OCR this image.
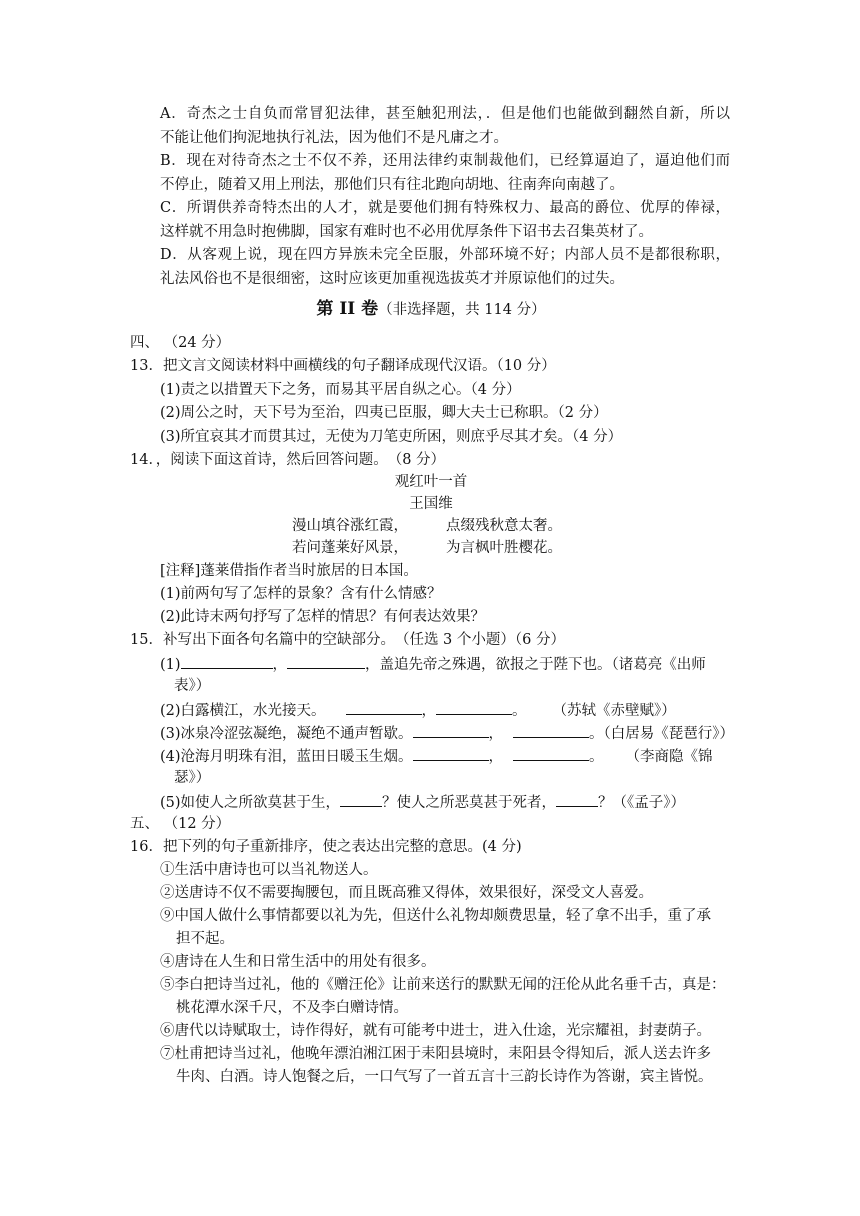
A．奇杰之士自负而常冒犯法律，甚至触犯刑法，．但是他们也能做到翻然自新，所以
不能让他们拘泥地执行礼法，因为他们不是凡庸之才。
B．现在对待奇杰之士不仅不养，还用法律约束制裁他们，已经算逼迫了，逼迫他们而
不停止，随着又用上刑法，那他们只有往北跑向胡地、往南奔向南越了。
C．所谓供养奇特杰出的人才，就是要他们拥有特殊权力、最高的爵位、优厚的俸禄，
这样就不用急时抱佛脚，国家有难时也不必用优厚条件下诏书去召集英材了。
D．从客观上说，现在四方异族未完全臣服，外部环境不好；内部人员不是都很称职，
礼法风俗也不是很细密，这时应该更加重视选拔英才并原谅他们的过失。
第 II 卷（非选择题，共 114 分）
四、 （24 分）
13．把文言文阅读材料中画横线的句子翻译成现代汉语。（10 分）
(1)责之以措置天下之务，而易其平居自纵之心。（4 分）
(2)周公之时，天下号为至治，四夷已臣服，卿大夫士已称职。（2 分）
(3)所宜哀其才而贯其过，无使为刀笔吏所困，则庶乎尽其才矣。（4 分）
14．，阅读下面这首诗，然后回答问题。　（8 分）
观红叶一首
王国维
漫山填谷涨红霞，	点缀残秋意太奢。
若问蓬莱好风景，	为言枫叶胜樱花。
[注释]蓬莱借指作者当时旅居的日本国。
(1)前两句写了怎样的景象？含有什么情感？
(2)此诗末两句抒写了怎样的情思？有何表达效果？
15．补写出下面各句名篇中的空缺部分。　（任选 3 个小题）（6 分）
(1)	，	，盖追先帝之殊遇，欲报之于陛下也。（诸葛亮《出师
表》）
(2)白露横江，水光接天。	，	。 （苏轼《赤壁赋》）
(3)冰泉冷涩弦凝绝，凝绝不通声暂歇。	，	。（白居易《琵琶行》）
(4)沧海月明珠有泪，蓝田日暖玉生烟。	，	。 （李商隐《锦
瑟》）
(5)如使人之所欲莫甚于生，	？使人之所恶莫甚于死者，	？（《孟子》）
五、 （12 分）
16．把下列的句子重新排序，使之表达出完整的意思。(4 分)
①生活中唐诗也可以当礼物送人。
②送唐诗不仅不需要掏腰包，而且既高雅又得体，效果很好，深受文人喜爱。
⑨中国人做什么事情都要以礼为先，但送什么礼物却颇费思量，轻了拿不出手，重了承
担不起。
④唐诗在人生和日常生活中的用处有很多。
⑤李白把诗当过礼，他的《赠汪伦》让前来送行的默默无闻的汪伦从此名垂千古，真是：
桃花潭水深千尺，不及李白赠诗情。
⑥唐代以诗赋取士，诗作得好，就有可能考中进士，进入仕途，光宗耀祖，封妻荫子。
⑦杜甫把诗当过礼，他晚年漂泊湘江困于耒阳县境时，耒阳县令得知后，派人送去许多
牛肉、白酒。诗人饱餐之后，一口气写了一首五言十三韵长诗作为答谢，宾主皆悦。
